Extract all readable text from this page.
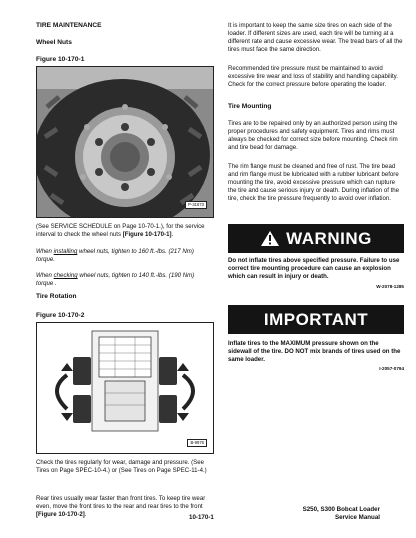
TIRE MAINTENANCE

Wheel Nuts

Figure 10-170-1

P-31673

(See SERVICE SCHEDULE on Page 10-70-1.), for the service interval to check the wheel nuts [Figure 10-170-1].

When installing wheel nuts, tighten to 160 ft.-lbs. (217 Nm) torque.

When checking wheel nuts, tighten to 140 ft.-lbs. (190 Nm) torque .

Tire Rotation

Figure 10-170-2

B-9976

Check the tires regularly for wear, damage and pressure. (See Tires on Page SPEC-10-4.) or (See Tires on Page SPEC-11-4.)

Rear tires usually wear faster than front tires. To keep tire wear even, move the front tires to the rear and rear tires to the front [Figure 10-170-2].

It is important to keep the same size tires on each side of the loader. If different sizes are used, each tire will be turning at a different rate and cause excessive wear. The tread bars of all the tires must face the same direction.

Recommended tire pressure must be maintained to avoid excessive tire wear and loss of stability and handling capability. Check for the correct pressure before operating the loader.

Tire Mounting

Tires are to be repaired only by an authorized person using the proper procedures and safety equipment. Tires and rims must always be checked for correct size before mounting. Check rim and tire bead for damage.

The rim flange must be cleaned and free of rust. The tire bead and rim flange must be lubricated with a rubber lubricant before mounting the tire, avoid excessive pressure which can rupture the tire and cause serious injury or death. During inflation of the tire, check the tire pressure frequently to avoid over inflation.

WARNING

Do not inflate tires above specified pressure. Failure to use correct tire mounting procedure can cause an explosion which can result in injury or death.

W-2078-1285
IMPORTANT

Inflate tires to the MAXIMUM pressure shown on the sidewall of the tire. DO NOT mix brands of tires used on the same loader.

I-2057-0794
10-170-1
S250, S300 Bobcat Loader
Service Manual
